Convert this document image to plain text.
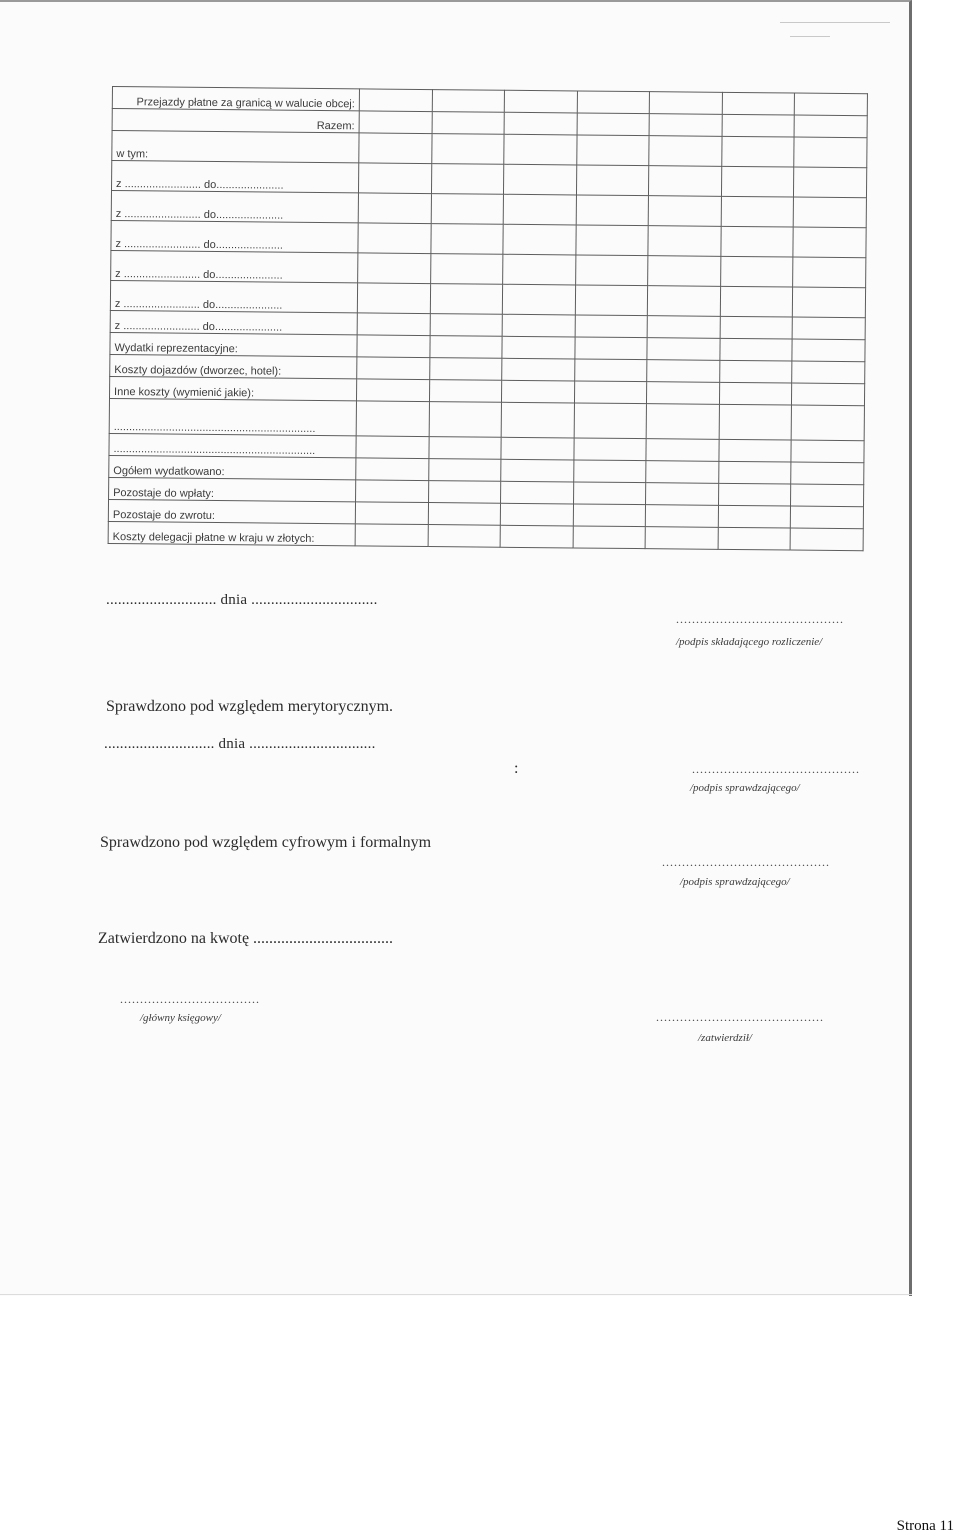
Przejazdy płatne za granicą w walucie obcej:							
Razem:							
w tym:							
z ......................... do......................							
z ......................... do......................							
z ......................... do......................							
z ......................... do......................							
z ......................... do......................							
z ......................... do......................							
Wydatki reprezentacyjne:							
Koszty dojazdów (dworzec, hotel):							
Inne koszty (wymienić jakie):							
..................................................................							
..................................................................							
Ogółem wydatkowano:							
Pozostaje do wpłaty:							
Pozostaje do zwrotu:							
Koszty delegacji płatne w kraju w złotych:							
............................ dnia ................................
..........................................
/podpis składającego rozliczenie/
Sprawdzono pod względem merytorycznym.
............................ dnia ................................
:	..........................................
/podpis sprawdzającego/
Sprawdzono pod względem cyfrowym i formalnym
..........................................
/podpis sprawdzającego/
Zatwierdzono na kwotę ...................................
...................................
/główny księgowy/	..........................................
/zatwierdził/
Strona 11
